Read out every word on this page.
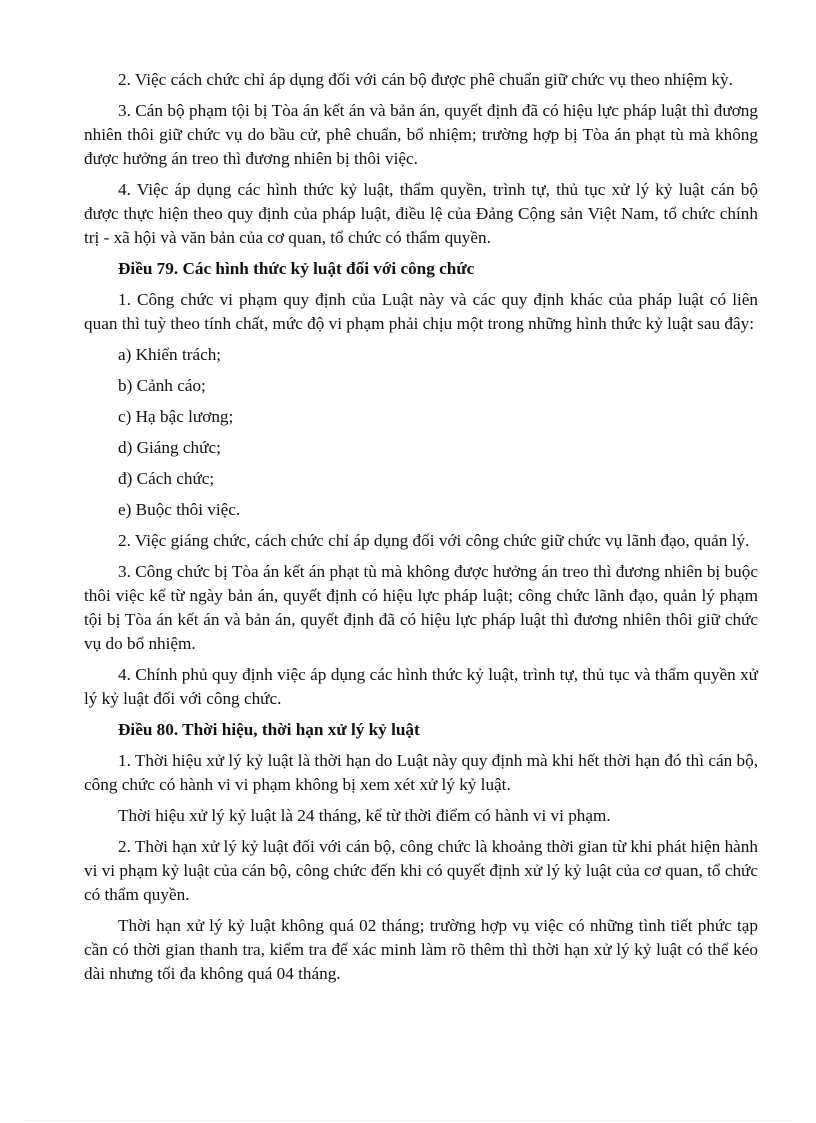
2. Việc cách chức chỉ áp dụng đối với cán bộ được phê chuẩn giữ chức vụ theo nhiệm kỳ.

3. Cán bộ phạm tội bị Tòa án kết án và bản án, quyết định đã có hiệu lực pháp luật thì đương nhiên thôi giữ chức vụ do bầu cử, phê chuẩn, bổ nhiệm; trường hợp bị Tòa án phạt tù mà không được hưởng án treo thì đương nhiên bị thôi việc.

4. Việc áp dụng các hình thức kỷ luật, thẩm quyền, trình tự, thủ tục xử lý kỷ luật cán bộ được thực hiện theo quy định của pháp luật, điều lệ của Đảng Cộng sản Việt Nam, tổ chức chính trị - xã hội và văn bản của cơ quan, tổ chức có thẩm quyền.

Điều 79. Các hình thức kỷ luật đối với công chức

1. Công chức vi phạm quy định của Luật này và các quy định khác của pháp luật có liên quan thì tuỳ theo tính chất, mức độ vi phạm phải chịu một trong những hình thức kỷ luật sau đây:

a) Khiển trách;

b) Cảnh cáo;

c) Hạ bậc lương;

d) Giáng chức;

đ) Cách chức;

e) Buộc thôi việc.

2. Việc giáng chức, cách chức chỉ áp dụng đối với công chức giữ chức vụ lãnh đạo, quản lý.

3. Công chức bị Tòa án kết án phạt tù mà không được hưởng án treo thì đương nhiên bị buộc thôi việc kể từ ngày bản án, quyết định có hiệu lực pháp luật; công chức lãnh đạo, quản lý phạm tội bị Tòa án kết án và bản án, quyết định đã có hiệu lực pháp luật thì đương nhiên thôi giữ chức vụ do bổ nhiệm.

4. Chính phủ quy định việc áp dụng các hình thức kỷ luật, trình tự, thủ tục và thẩm quyền xử lý kỷ luật đối với công chức.

Điều 80. Thời hiệu, thời hạn xử lý kỷ luật

1. Thời hiệu xử lý kỷ luật là thời hạn do Luật này quy định mà khi hết thời hạn đó thì cán bộ, công chức có hành vi vi phạm không bị xem xét xử lý kỷ luật.

Thời hiệu xử lý kỷ luật là 24 tháng, kể từ thời điểm có hành vi vi phạm.

2. Thời hạn xử lý kỷ luật đối với cán bộ, công chức là khoảng thời gian từ khi phát hiện hành vi vi phạm kỷ luật của cán bộ, công chức đến khi có quyết định xử lý kỷ luật của cơ quan, tổ chức có thẩm quyền.

Thời hạn xử lý kỷ luật không quá 02 tháng; trường hợp vụ việc có những tình tiết phức tạp cần có thời gian thanh tra, kiểm tra để xác minh làm rõ thêm thì thời hạn xử lý kỷ luật có thể kéo dài nhưng tối đa không quá 04 tháng.
